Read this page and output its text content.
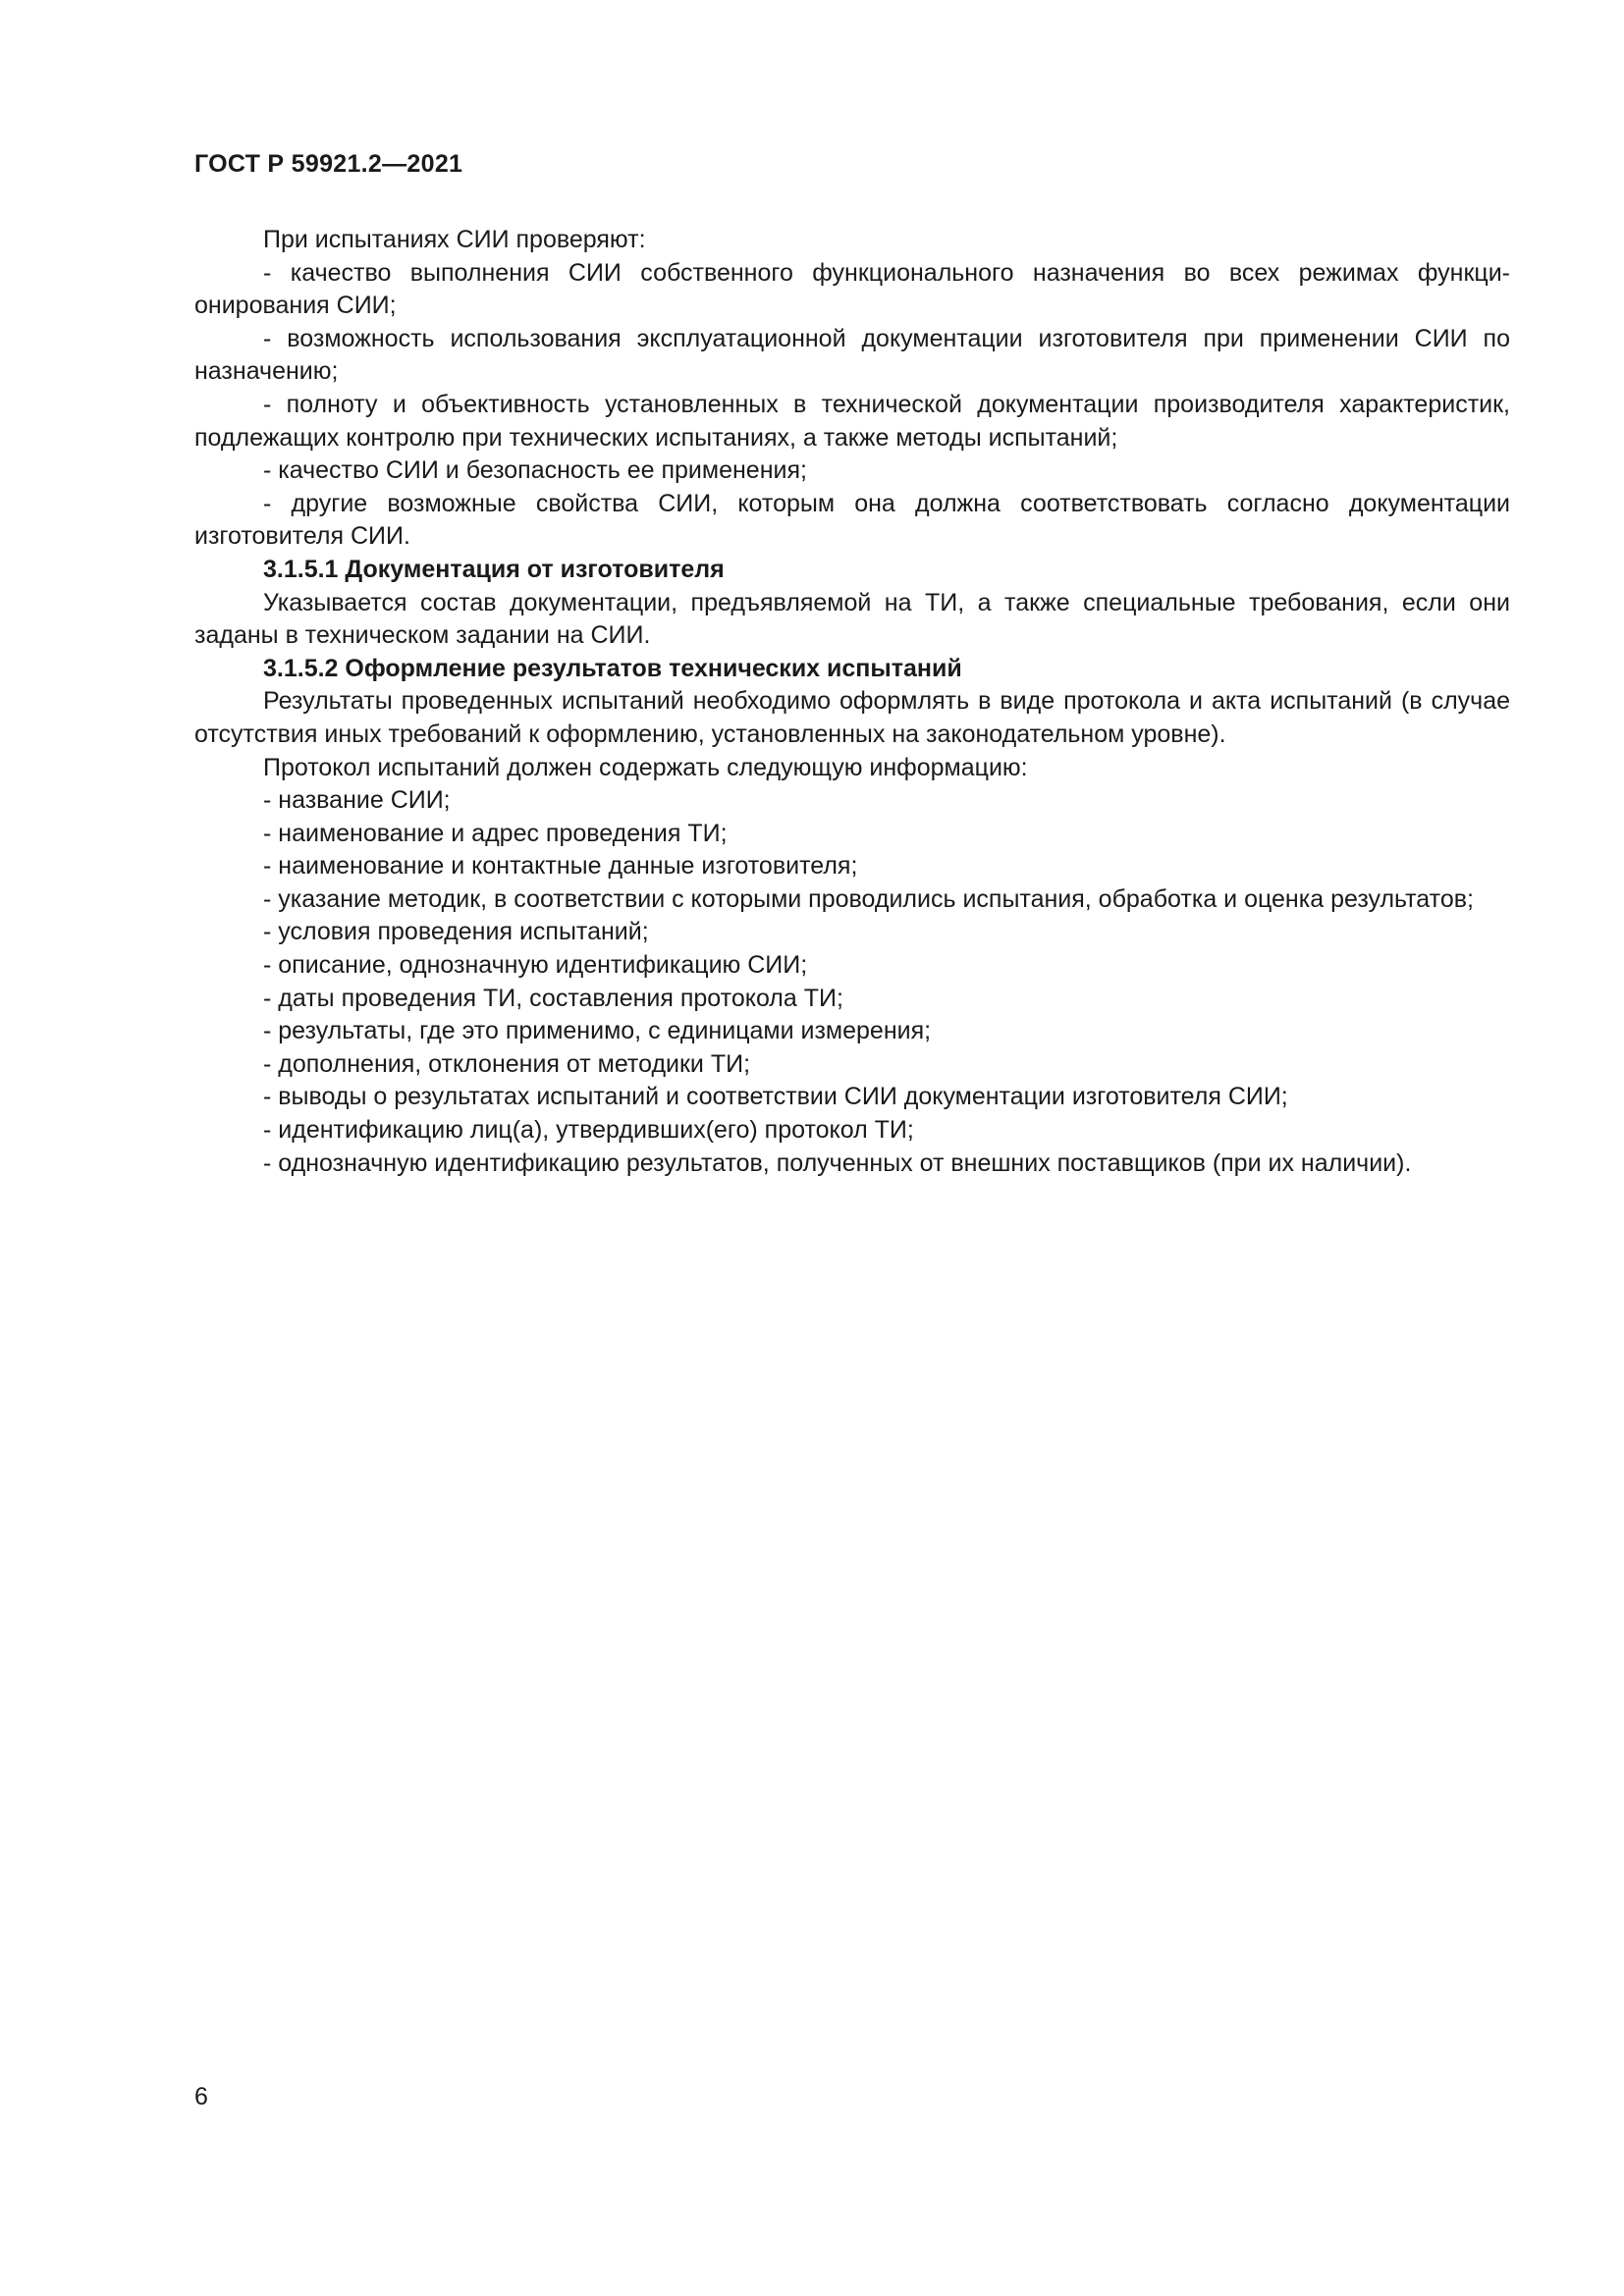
ГОСТ Р 59921.2—2021

При испытаниях СИИ проверяют:

- качество выполнения СИИ собственного функционального назначения во всех режимах функционирования СИИ;

- возможность использования эксплуатационной документации изготовителя при применении СИИ по назначению;

- полноту и объективность установленных в технической документации производителя характеристик, подлежащих контролю при технических испытаниях, а также методы испытаний;

- качество СИИ и безопасность ее применения;

- другие возможные свойства СИИ, которым она должна соответствовать согласно документации изготовителя СИИ.

3.1.5.1 Документация от изготовителя

Указывается состав документации, предъявляемой на ТИ, а также специальные требования, если они заданы в техническом задании на СИИ.

3.1.5.2 Оформление результатов технических испытаний

Результаты проведенных испытаний необходимо оформлять в виде протокола и акта испытаний (в случае отсутствия иных требований к оформлению, установленных на законодательном уровне).

Протокол испытаний должен содержать следующую информацию:

- название СИИ;

- наименование и адрес проведения ТИ;

- наименование и контактные данные изготовителя;

- указание методик, в соответствии с которыми проводились испытания, обработка и оценка результатов;

- условия проведения испытаний;

- описание, однозначную идентификацию СИИ;

- даты проведения ТИ, составления протокола ТИ;

- результаты, где это применимо, с единицами измерения;

- дополнения, отклонения от методики ТИ;

- выводы о результатах испытаний и соответствии СИИ документации изготовителя СИИ;

- идентификацию лиц(а), утвердивших(его) протокол ТИ;

- однозначную идентификацию результатов, полученных от внешних поставщиков (при их наличии).

6
